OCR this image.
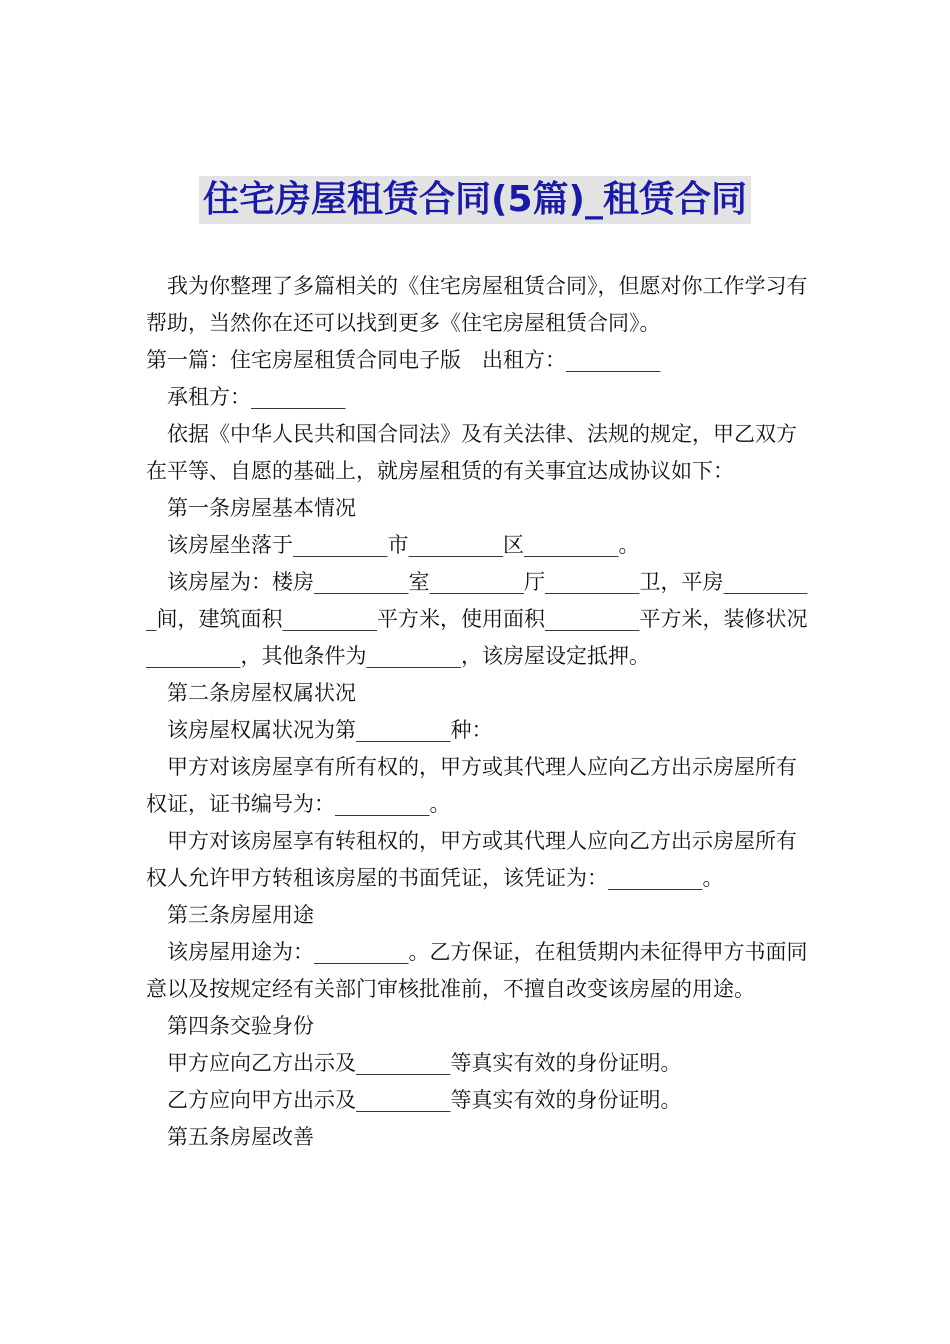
住宅房屋租赁合同(5篇)_租赁合同

我为你整理了多篇相关的《住宅房屋租赁合同》，但愿对你工作学习有帮助，当然你在还可以找到更多《住宅房屋租赁合同》。

第一篇：住宅房屋租赁合同电子版　出租方：_________

承租方：_________

依据《中华人民共和国合同法》及有关法律、法规的规定，甲乙双方在平等、自愿的基础上，就房屋租赁的有关事宜达成协议如下：

第一条房屋基本情况

该房屋坐落于_________市_________区_________。

该房屋为：楼房_________室_________厅_________卫，平房_________间，建筑面积_________平方米，使用面积_________平方米，装修状况_________，其他条件为_________，该房屋设定抵押。

第二条房屋权属状况

该房屋权属状况为第_________种：

甲方对该房屋享有所有权的，甲方或其代理人应向乙方出示房屋所有权证，证书编号为：_________。

甲方对该房屋享有转租权的，甲方或其代理人应向乙方出示房屋所有权人允许甲方转租该房屋的书面凭证，该凭证为：_________。

第三条房屋用途

该房屋用途为：_________。乙方保证，在租赁期内未征得甲方书面同意以及按规定经有关部门审核批准前，不擅自改变该房屋的用途。

第四条交验身份

甲方应向乙方出示及_________等真实有效的身份证明。

乙方应向甲方出示及_________等真实有效的身份证明。

第五条房屋改善
